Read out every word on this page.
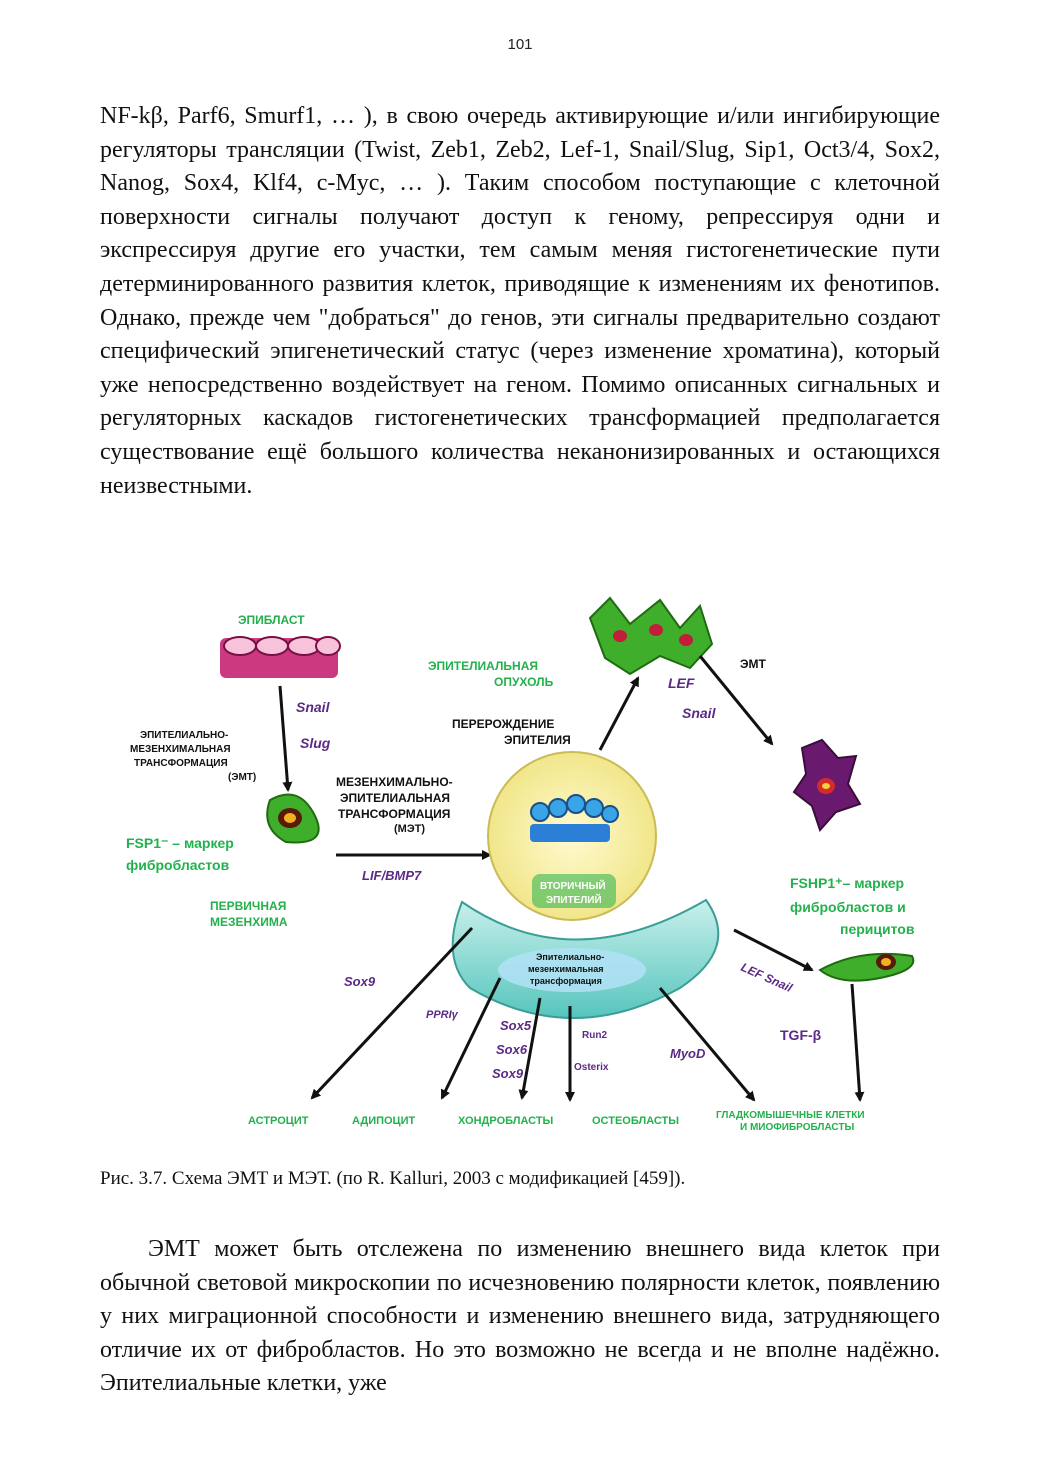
101

NF-kβ, Parf6, Smurf1, … ), в свою очередь активирующие и/или ингибирующие регуляторы трансляции (Twist, Zeb1, Zeb2, Lef-1, Snail/Slug, Sip1, Oct3/4, Sox2, Nanog, Sox4, Klf4, c-Myc, … ). Таким способом поступающие с клеточной поверхности сигналы получают доступ к геному, репрессируя одни и экспрессируя другие его участки, тем самым меняя гистогенетические пути детерминированного развития клеток, приводящие к изменениям их фенотипов. Однако, прежде чем "добраться" до генов, эти сигналы предварительно создают специфический эпигенетический статус (через изменение хроматина), который уже непосредственно воздействует на геном. Помимо описанных сигнальных и регуляторных каскадов гистогенетических трансформацией предполагается существование ещё большого количества неканонизированных и остающихся неизвестными.

ЭПИБЛАСТ
Snail
Slug
ЭПИТЕЛИАЛЬНО-
МЕЗЕНХИМАЛЬНАЯ
ТРАНСФОРМАЦИЯ
(ЭМТ)
FSP1⁻ – маркер
фибробластов
ПЕРВИЧНАЯ
МЕЗЕНХИМА
МЕЗЕНХИМАЛЬНО-
ЭПИТЕЛИАЛЬНАЯ
ТРАНСФОРМАЦИЯ
(МЭТ)
LIF/BMP7
ВТОРИЧНЫЙ
ЭПИТЕЛИЙ
Эпителиально-
мезенхимальная
трансформация
ЭПИТЕЛИАЛЬНАЯ
ОПУХОЛЬ
ПЕРЕРОЖДЕНИЕ
ЭПИТЕЛИЯ
ЭМТ
LEF
Snail
FSHP1⁺– маркер
фибробластов и
перицитов
LEF Snail
TGF-β
Sox9
PPRIγ
Sox5
Sox6
Sox9
Run2
Osterix
MyoD
АСТРОЦИТ	АДИПОЦИТ	ХОНДРОБЛАСТЫ	ОСТЕОБЛАСТЫ	ГЛАДКОМЫШЕЧНЫЕ КЛЕТКИ
И МИОФИБРОБЛАСТЫ

Рис. 3.7. Схема ЭМТ и МЭТ. (по R. Kalluri, 2003 с модификацией [459]).

ЭМТ может быть отслежена по изменению внешнего вида клеток при обычной световой микроскопии по исчезновению полярности клеток, появлению у них миграционной способности и изменению внешнего вида, затрудняющего отличие их от фибробластов. Но это возможно не всегда и не вполне надёжно. Эпителиальные клетки, уже
